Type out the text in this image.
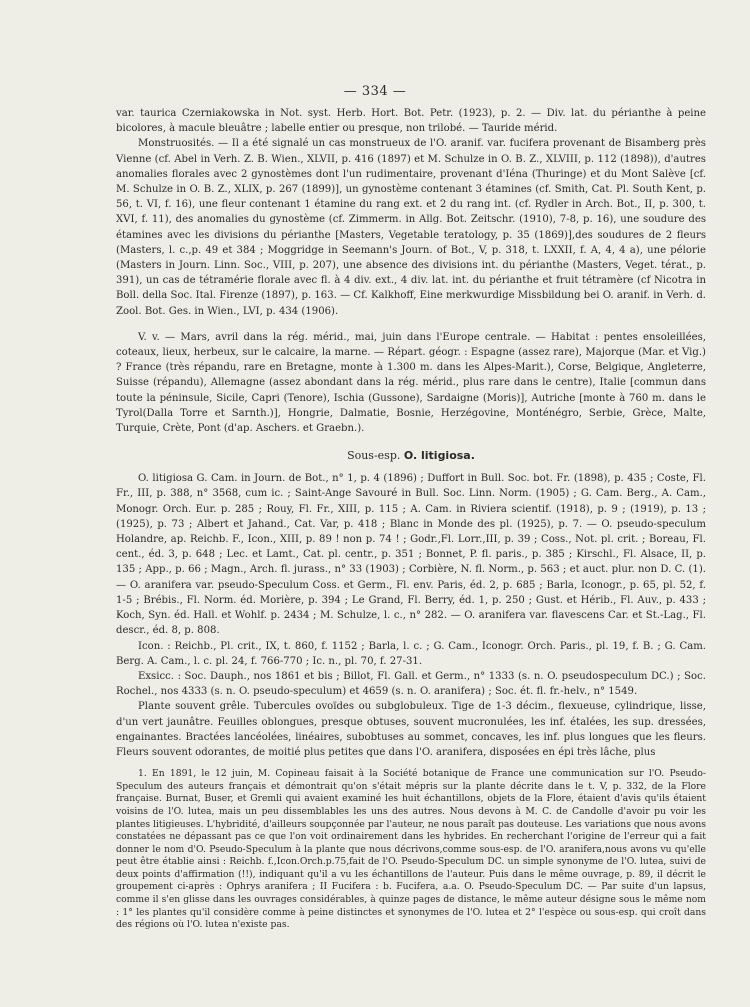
— 334 —

var. taurica Czerniakowska in Not. syst. Herb. Hort. Bot. Petr. (1923), p. 2. — Div. lat. du périanthe à peine bicolores, à macule bleuâtre ; labelle entier ou presque, non trilobé. — Tauride mérid.

Monstruosités. — Il a été signalé un cas monstrueux de l'O. aranif. var. fucifera provenant de Bisamberg près Vienne (cf. Abel in Verh. Z. B. Wien., XLVII, p. 416 (1897) et M. Schulze in O. B. Z., XLVIII, p. 112 (1898)), d'autres anomalies florales avec 2 gynostèmes dont l'un rudimentaire, provenant d'Iéna (Thuringe) et du Mont Salève [cf. M. Schulze in O. B. Z., XLIX, p. 267 (1899)], un gynostème contenant 3 étamines (cf. Smith, Cat. Pl. South Kent, p. 56, t. VI, f. 16), une fleur contenant 1 étamine du rang ext. et 2 du rang int. (cf. Rydler in Arch. Bot., II, p. 300, t. XVI, f. 11), des anomalies du gynostème (cf. Zimmerm. in Allg. Bot. Zeitschr. (1910), 7-8, p. 16), une soudure des étamines avec les divisions du périanthe [Masters, Vegetable teratology, p. 35 (1869)],des soudures de 2 fleurs (Masters, l. c.,p. 49 et 384 ; Moggridge in Seemann's Journ. of Bot., V, p. 318, t. LXXII, f. A, 4, 4 a), une pélorie (Masters in Journ. Linn. Soc., VIII, p. 207), une absence des divisions int. du périanthe (Masters, Veget. térat., p. 391), un cas de tétramérie florale avec fl. à 4 div. ext., 4 div. lat. int. du périanthe et fruit tétramère (cf Nicotra in Boll. della Soc. Ital. Firenze (1897), p. 163. — Cf. Kalkhoff, Eine merkwurdige Missbildung bei O. aranif. in Verh. d. Zool. Bot. Ges. in Wien., LVI, p. 434 (1906).

V. v. — Mars, avril dans la rég. mérid., mai, juin dans l'Europe centrale. — Habitat : pentes ensoleillées, coteaux, lieux, herbeux, sur le calcaire, la marne. — Répart. géogr. : Espagne (assez rare), Majorque (Mar. et Vig.) ? France (très répandu, rare en Bretagne, monte à 1.300 m. dans les Alpes-Marit.), Corse, Belgique, Angleterre, Suisse (répandu), Allemagne (assez abondant dans la rég. mérid., plus rare dans le centre), Italie [commun dans toute la péninsule, Sicile, Capri (Tenore), Ischia (Gussone), Sardaigne (Moris)], Autriche [monte à 760 m. dans le Tyrol(Dalla Torre et Sarnth.)], Hongrie, Dalmatie, Bosnie, Herzégovine, Monténégro, Serbie, Grèce, Malte, Turquie, Crète, Pont (d'ap. Aschers. et Graebn.).

Sous-esp. O. litigiosa.

O. litigiosa G. Cam. in Journ. de Bot., n° 1, p. 4 (1896) ; Duffort in Bull. Soc. bot. Fr. (1898), p. 435 ; Coste, Fl. Fr., III, p. 388, n° 3568, cum ic. ; Saint-Ange Savouré in Bull. Soc. Linn. Norm. (1905) ; G. Cam. Berg., A. Cam., Monogr. Orch. Eur. p. 285 ; Rouy, Fl. Fr., XIII, p. 115 ; A. Cam. in Riviera scientif. (1918), p. 9 ; (1919), p. 13 ; (1925), p. 73 ; Albert et Jahand., Cat. Var, p. 418 ; Blanc in Monde des pl. (1925), p. 7. — O. pseudo-speculum Holandre, ap. Reichb. F., Icon., XIII, p. 89 ! non p. 74 ! ; Godr.,Fl. Lorr.,III, p. 39 ; Coss., Not. pl. crit. ; Boreau, Fl. cent., éd. 3, p. 648 ; Lec. et Lamt., Cat. pl. centr., p. 351 ; Bonnet, P. fl. paris., p. 385 ; Kirschl., Fl. Alsace, II, p. 135 ; App., p. 66 ; Magn., Arch. fl. jurass., n° 33 (1903) ; Corbière, N. fl. Norm., p. 563 ; et auct. plur. non D. C. (1). — O. aranifera var. pseudo-Speculum Coss. et Germ., Fl. env. Paris, éd. 2, p. 685 ; Barla, Iconogr., p. 65, pl. 52, f. 1-5 ; Brébis., Fl. Norm. éd. Morière, p. 394 ; Le Grand, Fl. Berry, éd. 1, p. 250 ; Gust. et Hérib., Fl. Auv., p. 433 ; Koch, Syn. éd. Hall. et Wohlf. p. 2434 ; M. Schulze, l. c., n° 282. — O. aranifera var. flavescens Car. et St.-Lag., Fl. descr., éd. 8, p. 808.

Icon. : Reichb., Pl. crit., IX, t. 860, f. 1152 ; Barla, l. c. ; G. Cam., Iconogr. Orch. Paris., pl. 19, f. B. ; G. Cam. Berg. A. Cam., l. c. pl. 24, f. 766-770 ; Ic. n., pl. 70, f. 27-31.

Exsicc. : Soc. Dauph., nos 1861 et bis ; Billot, Fl. Gall. et Germ., n° 1333 (s. n. O. pseudospeculum DC.) ; Soc. Rochel., nos 4333 (s. n. O. pseudo-speculum) et 4659 (s. n. O. aranifera) ; Soc. ét. fl. fr.-helv., n° 1549.

Plante souvent grêle. Tubercules ovoïdes ou subglobuleux. Tige de 1-3 décim., flexueuse, cylindrique, lisse, d'un vert jaunâtre. Feuilles oblongues, presque obtuses, souvent mucronulées, les inf. étalées, les sup. dressées, engainantes. Bractées lancéolées, linéaires, subobtuses au sommet, concaves, les inf. plus longues que les fleurs. Fleurs souvent odorantes, de moitié plus petites que dans l'O. aranifera, disposées en épi très lâche, plus

1. En 1891, le 12 juin, M. Copineau faisait à la Société botanique de France une communication sur l'O. Pseudo-Speculum des auteurs français et démontrait qu'on s'était mépris sur la plante décrite dans le t. V, p. 332, de la Flore française. Burnat, Buser, et Gremli qui avaient examiné les huit échantillons, objets de la Flore, étaient d'avis qu'ils étaient voisins de l'O. lutea, mais un peu dissemblables les uns des autres. Nous devons à M. C. de Candolle d'avoir pu voir les plantes litigieuses. L'hybridité, d'ailleurs soupçonnée par l'auteur, ne nous paraît pas douteuse. Les variations que nous avons constatées ne dépassant pas ce que l'on voit ordinairement dans les hybrides. En recherchant l'origine de l'erreur qui a fait donner le nom d'O. Pseudo-Speculum à la plante que nous décrivons,comme sous-esp. de l'O. aranifera,nous avons vu qu'elle peut être établie ainsi : Reichb. f.,Icon.Orch.p.75,fait de l'O. Pseudo-Speculum DC. un simple synonyme de l'O. lutea, suivi de deux points d'affirmation (!!), indiquant qu'il a vu les échantillons de l'auteur. Puis dans le même ouvrage, p. 89, il décrit le groupement ci-après : Ophrys aranifera ; II Fucifera : b. Fucifera, a.a. O. Pseudo-Speculum DC. — Par suite d'un lapsus, comme il s'en glisse dans les ouvrages considérables, à quinze pages de distance, le même auteur désigne sous le même nom : 1° les plantes qu'il considère comme à peine distinctes et synonymes de l'O. lutea et 2° l'espèce ou sous-esp. qui croît dans des régions où l'O. lutea n'existe pas.
